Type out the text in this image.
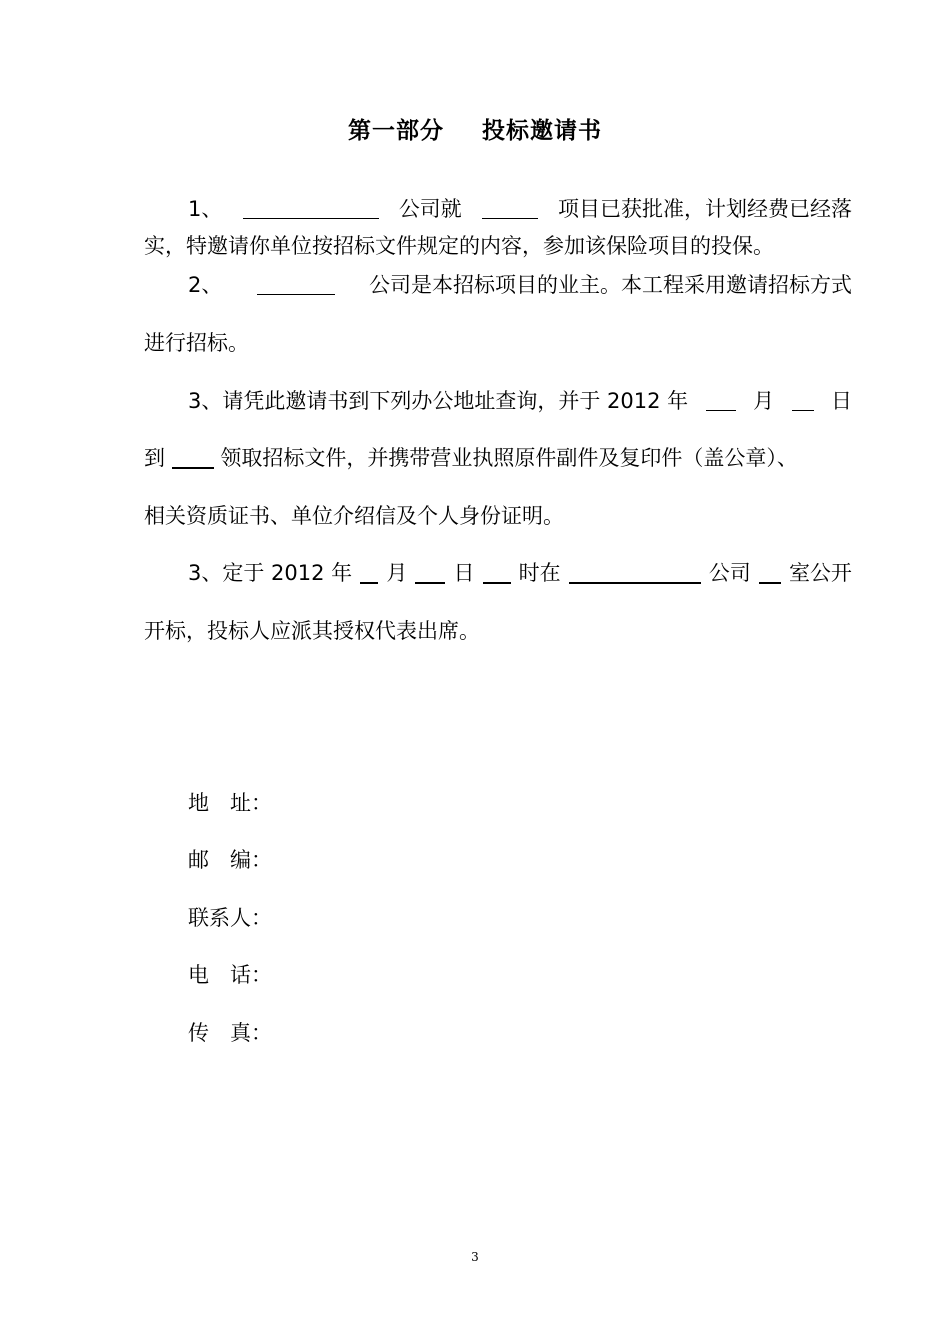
第一部分 投标邀请书
1、	公司就	项目已获批准，计划经费已经落
实，特邀请你单位按招标文件规定的内容，参加该保险项目的投保。
2、	公司是本招标项目的业主。本工程采用邀请招标方式
进行招标。
3、请凭此邀请书到下列办公地址查询，并于 2012 年	月	日
到	领取招标文件，并携带营业执照原件副件及复印件（盖公章）、
相关资质证书、单位介绍信及个人身份证明。
3、定于 2012 年 月 日 时在	公司 室公开
开标，投标人应派其授权代表出席。
地　址：
邮　编：
联系人：
电　话：
传　真：
3
